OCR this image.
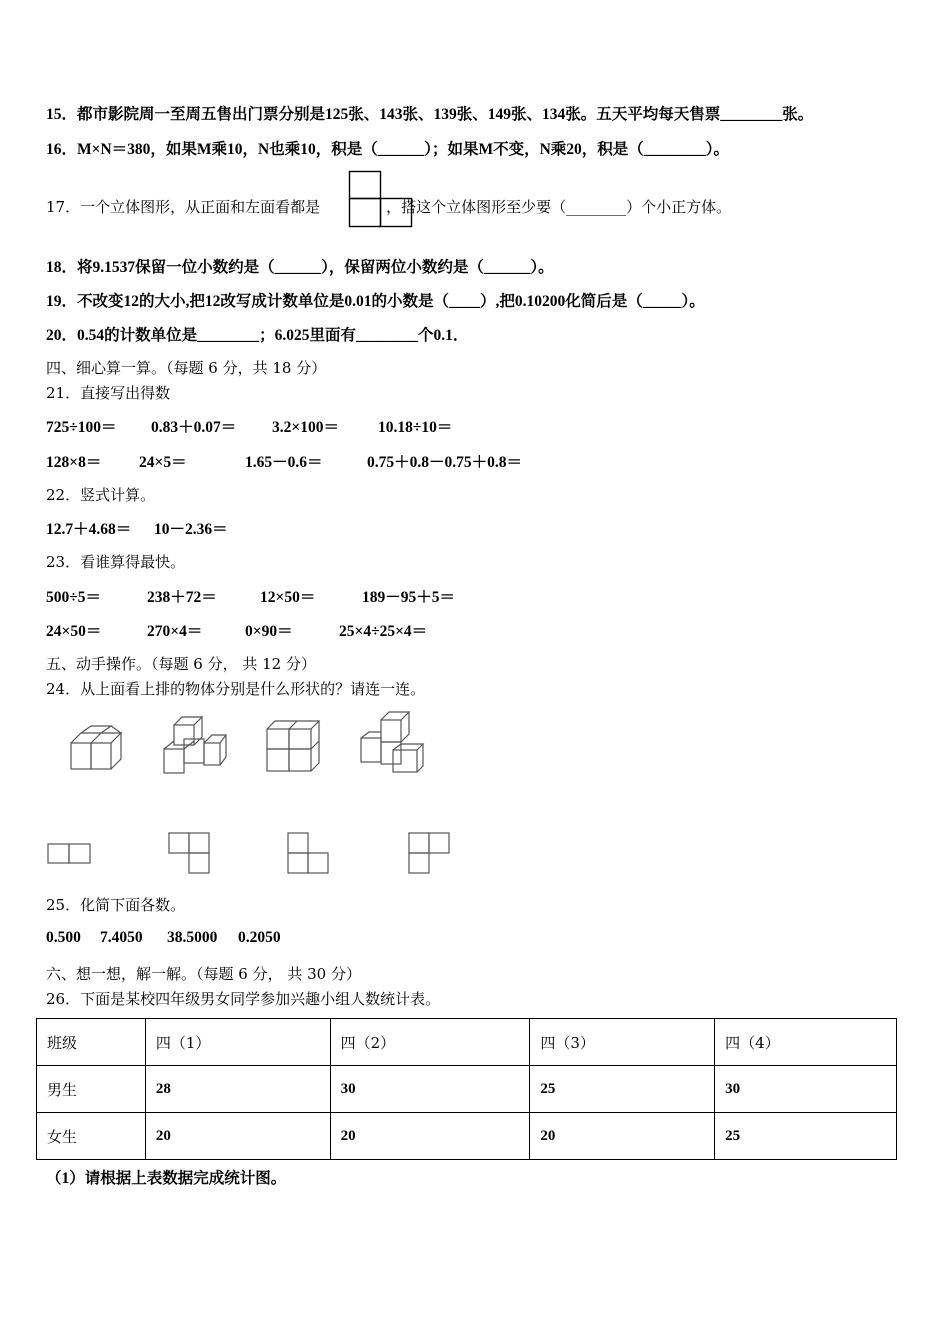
15．都市影院周一至周五售出门票分别是125张、143张、139张、149张、134张。五天平均每天售票________张。
16．M×N＝380，如果M乘10，N也乘10，积是（______）；如果M不变，N乘20，积是（________）。
17．一个立体图形，从正面和左面看都是	，搭这个立体图形至少要（________）个小正方体。
18．将9.1537保留一位小数约是（______），保留两位小数约是（______）。
19．不改变12的大小,把12改写成计数单位是0.01的小数是（____）,把0.10200化简后是（_____）。
20．0.54的计数单位是________；6.025里面有________个0.1．
四、细心算一算。（每题 6 分，共 18 分）
21．直接写出得数
725÷100＝ 0.83＋0.07＝ 3.2×100＝	10.18÷10＝
128×8＝ 24×5＝	1.65－0.6＝	0.75＋0.8－0.75＋0.8＝
22．竖式计算。
12.7＋4.68＝ 10－2.36＝
23．看谁算得最快。
500÷5＝	238＋72＝	12×50＝	189－95＋5＝
24×50＝	270×4＝	0×90＝	25×4÷25×4＝
五、动手操作。（每题 6 分， 共 12 分）
24．从上面看上排的物体分别是什么形状的？请连一连。
25．化简下面各数。
0.500 7.4050 38.5000 0.2050
六、想一想，解一解。（每题 6 分， 共 30 分）
26．下面是某校四年级男女同学参加兴趣小组人数统计表。
班级	四（1）	四（2）	四（3）	四（4）
男生	28	30	25	30
女生	20	20	20	25
（1）请根据上表数据完成统计图。
